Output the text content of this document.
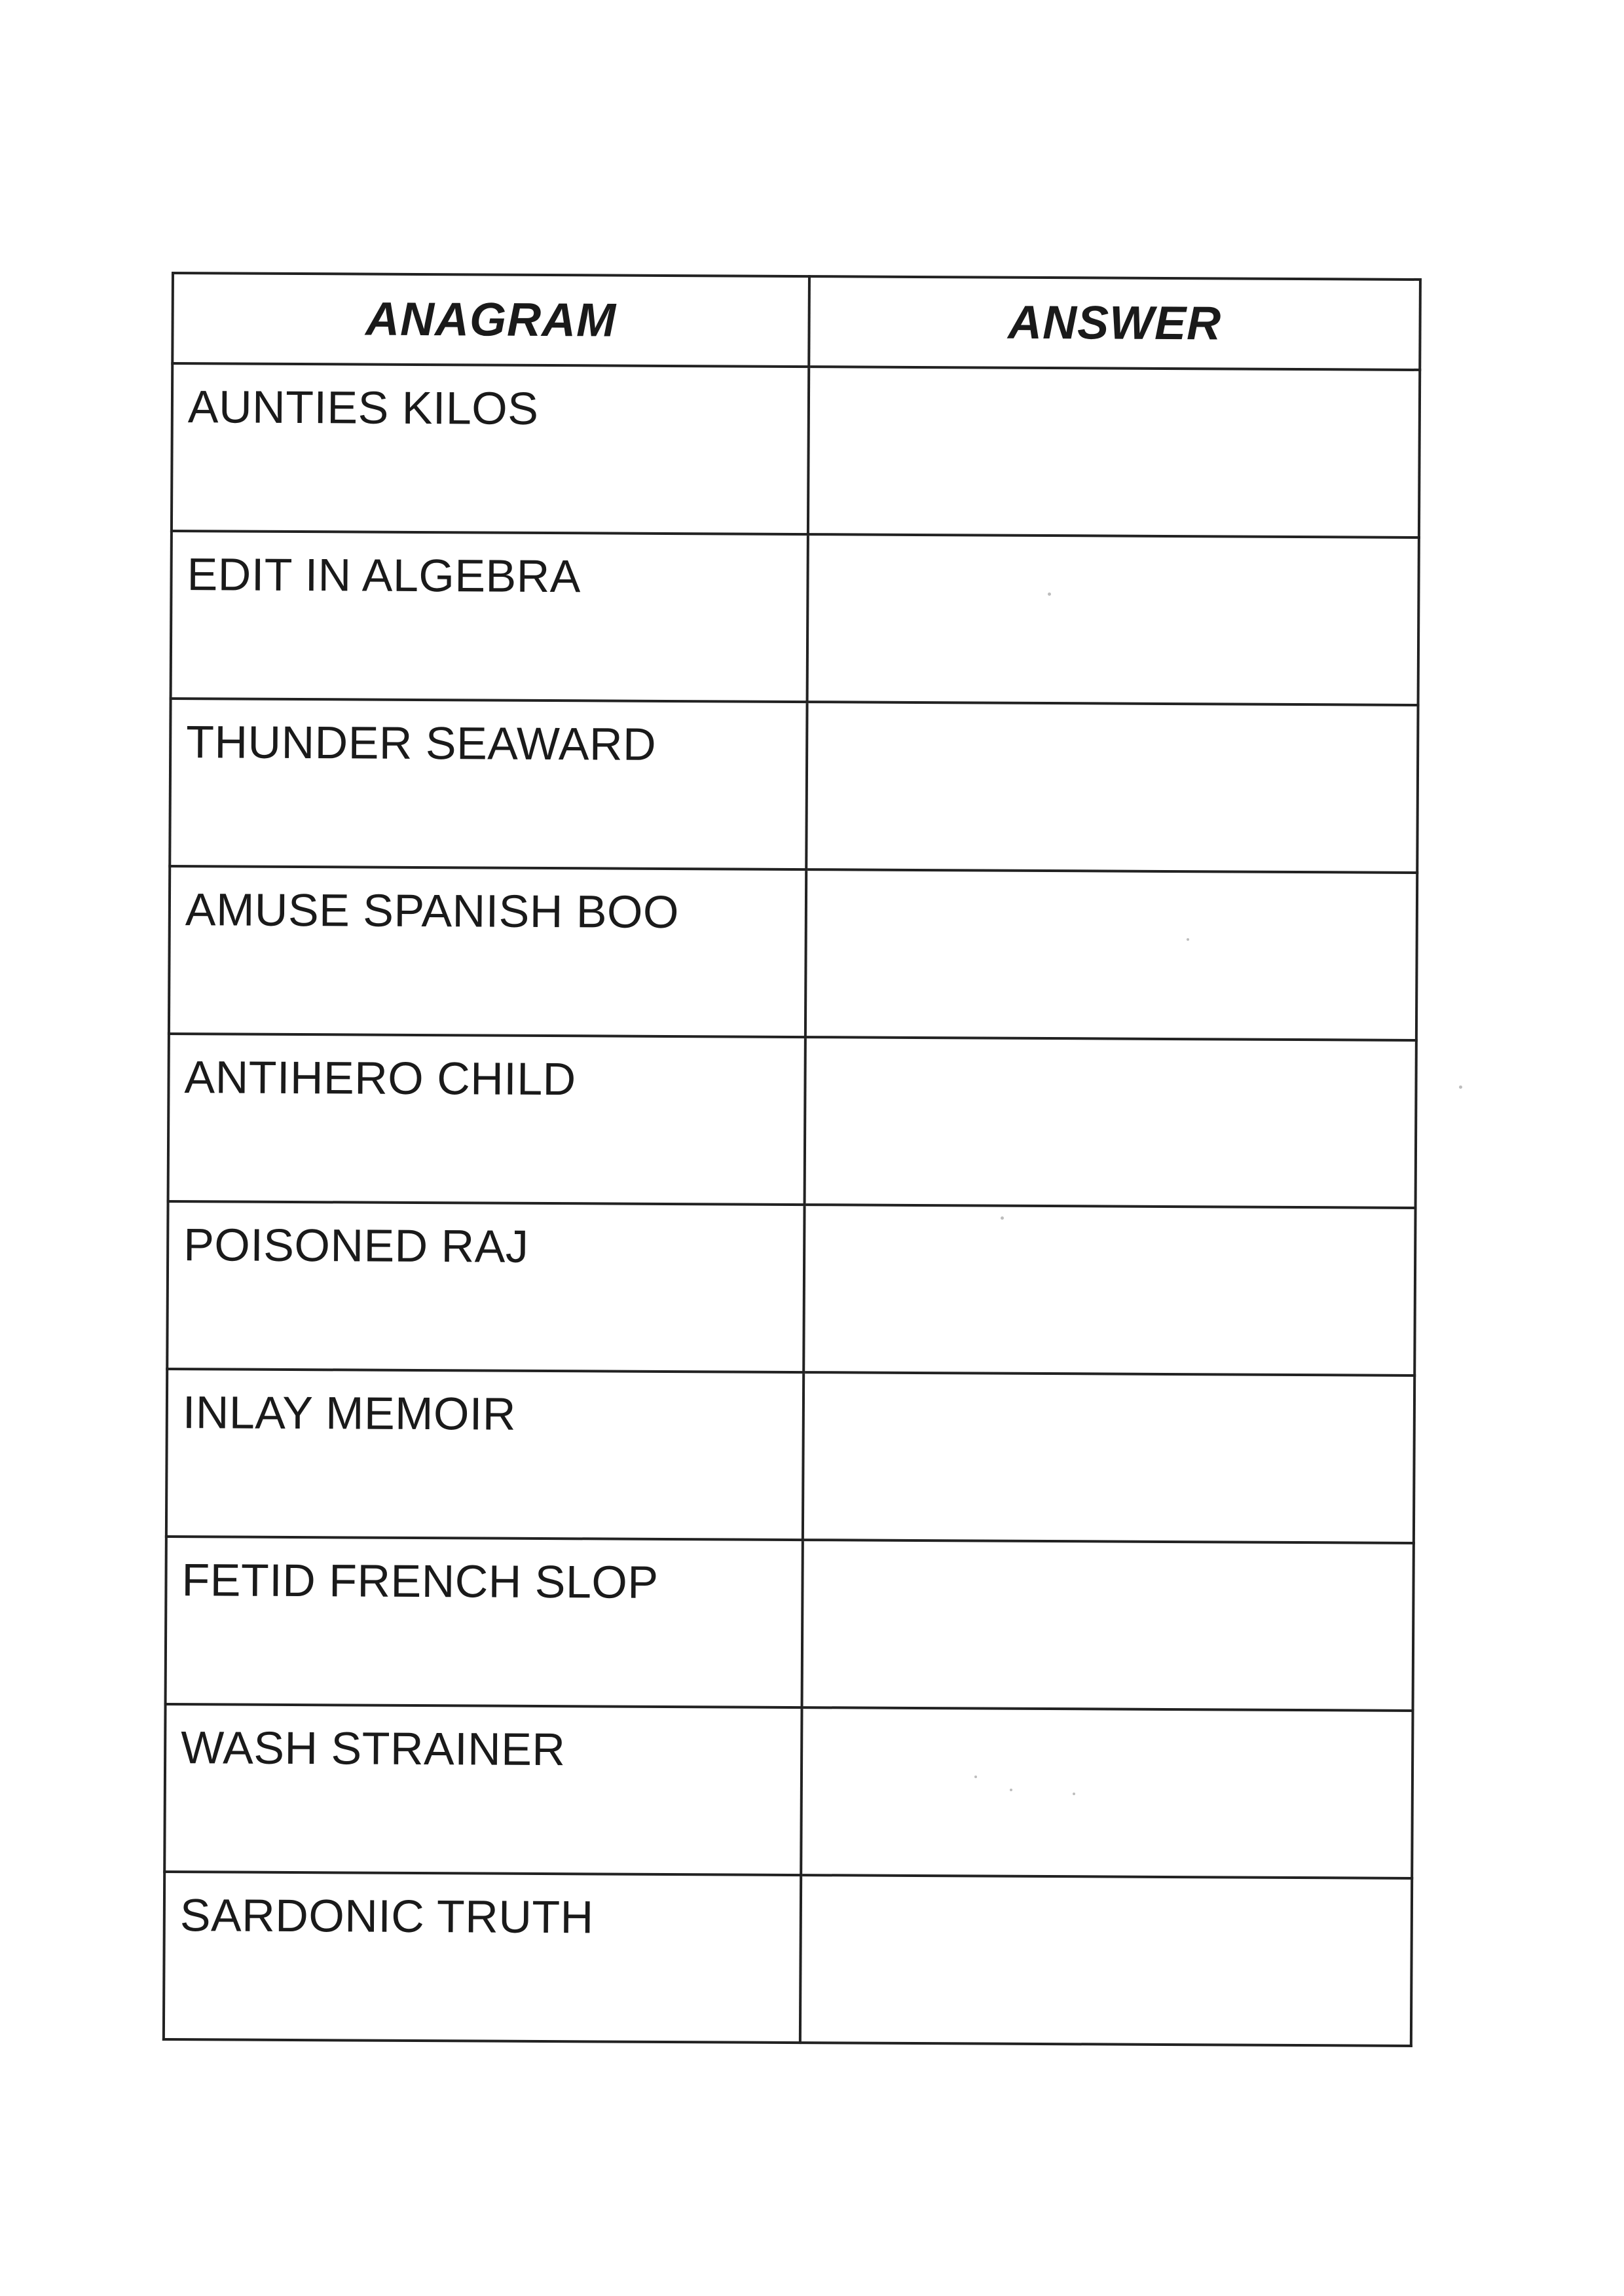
ANAGRAM	ANSWER
AUNTIES KILOS	
EDIT IN ALGEBRA	
THUNDER SEAWARD	
AMUSE SPANISH BOO	
ANTIHERO CHILD	
POISONED RAJ	
INLAY MEMOIR	
FETID FRENCH SLOP	
WASH STRAINER	
SARDONIC TRUTH	
